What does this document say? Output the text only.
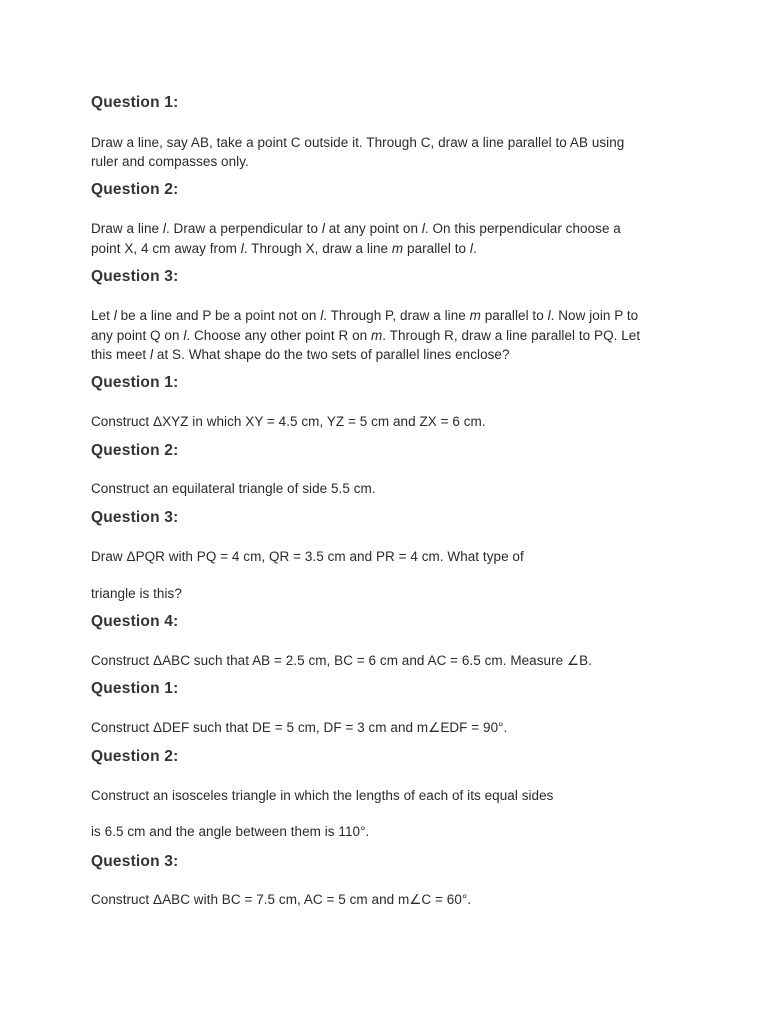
Question 1:
Draw a line, say AB, take a point C outside it. Through C, draw a line parallel to AB using
ruler and compasses only.
Question 2:
Draw a line l. Draw a perpendicular to l at any point on l. On this perpendicular choose a
point X, 4 cm away from l. Through X, draw a line m parallel to l.
Question 3:
Let l be a line and P be a point not on l. Through P, draw a line m parallel to l. Now join P to
any point Q on l. Choose any other point R on m. Through R, draw a line parallel to PQ. Let
this meet l at S. What shape do the two sets of parallel lines enclose?
Question 1:
Construct ΔXYZ in which XY = 4.5 cm, YZ = 5 cm and ZX = 6 cm.
Question 2:
Construct an equilateral triangle of side 5.5 cm.
Question 3:
Draw ΔPQR with PQ = 4 cm, QR = 3.5 cm and PR = 4 cm. What type of
triangle is this?
Question 4:
Construct ΔABC such that AB = 2.5 cm, BC = 6 cm and AC = 6.5 cm. Measure ∠B.
Question 1:
Construct ΔDEF such that DE = 5 cm, DF = 3 cm and m∠EDF = 90°.
Question 2:
Construct an isosceles triangle in which the lengths of each of its equal sides
is 6.5 cm and the angle between them is 110°.
Question 3:
Construct ΔABC with BC = 7.5 cm, AC = 5 cm and m∠C = 60°.
